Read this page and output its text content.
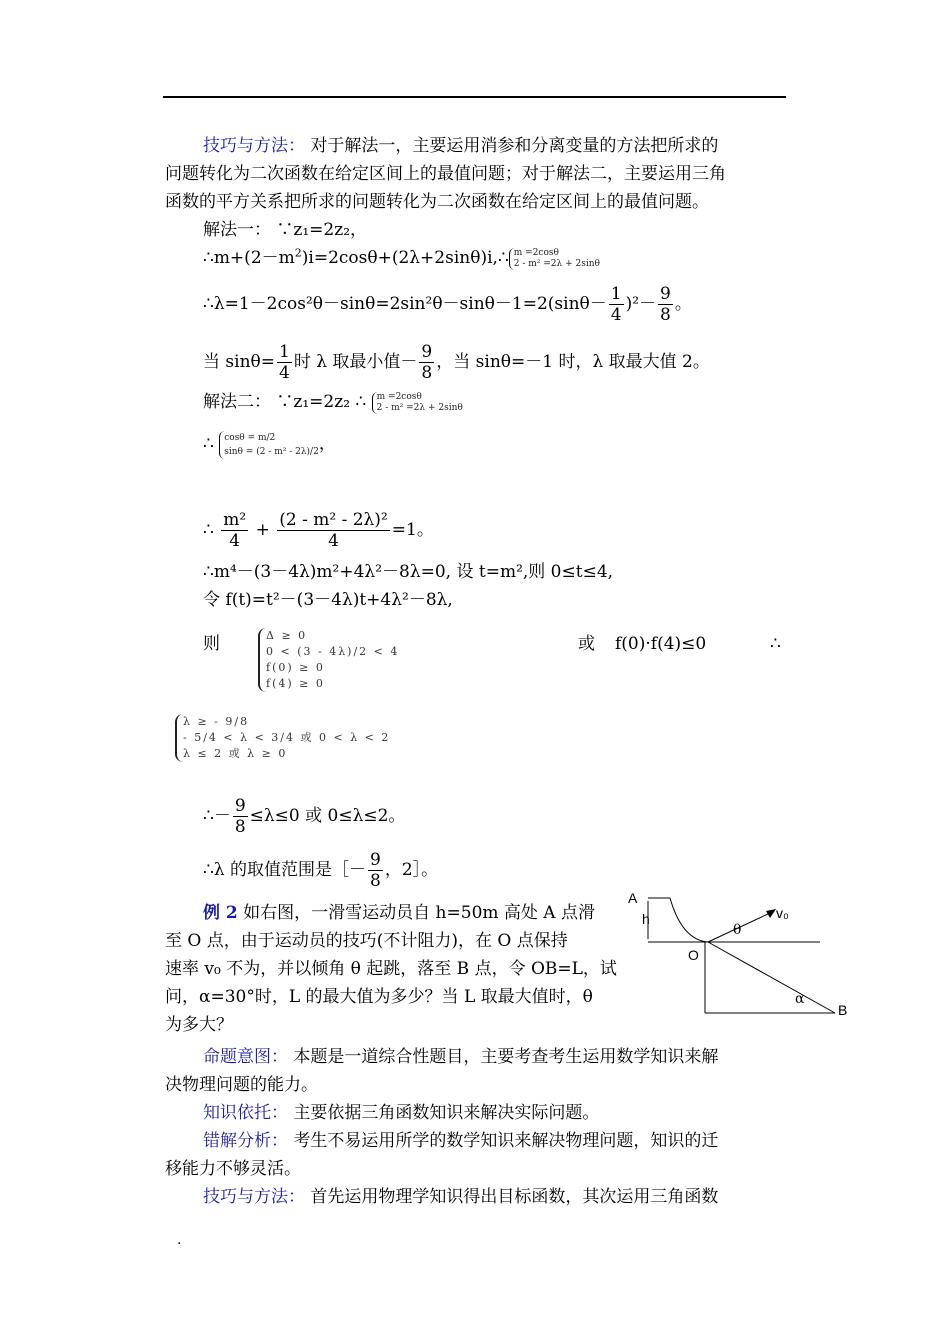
技巧与方法： 对于解法一，主要运用消参和分离变量的方法把所求的
问题转化为二次函数在给定区间上的最值问题；对于解法二，主要运用三角
函数的平方关系把所求的问题转化为二次函数在给定区间上的最值问题。
解法一： ∵z₁=2z₂，
$\therefore m+(2-m^2)i=2\cos\theta+(2\lambda+2\sin\theta)i,\therefore$ m =2cosθ
2 - m² =2λ + 2sinθ
∴λ=1－2cos²θ－sinθ=2sin²θ－sinθ－1=2(sinθ－ $\frac{1}{4} )^2- \frac{9}{8}$ 。
当 $\sin\theta= \frac{1}{4}$ 时 λ 取最小值－ $\frac{9}{8}$ ，当 sinθ=－1 时，λ 取最大值 2。
解法二： ∵z₁=2z₂ ∴ m =2cosθ
2 - m² =2λ + 2sinθ
∴ cosθ = m/2
sinθ = (2 - m² - 2λ)/2 ，
∴ $\frac{\text{m²}}{4} + \frac{\text{(2 - m² - 2λ)²}}{4} =1$。
∴m⁴－(3－4λ)m²+4λ²－8λ=0, 设 t=m²,则 0≤t≤4,
令 f(t)=t²－(3－4λ)t+4λ²－8λ,
则	Δ ≥ 0
0 < (3 - 4λ)/2 < 4
f(0) ≥ 0
f(4) ≥ 0
或 f(0)·f(4)≤0	∴
λ ≥ - 9/8
- 5/4 < λ < 3/4 或 0 < λ < 2
λ ≤ 2 或 λ ≥ 0
∴－ $\frac{9}{8} \le\lambda\le 0$ 或 0≤λ≤2。
∴λ 的取值范围是［－ $\frac{9}{8}$ ，2］。
例 2 如右图，一滑雪运动员自 h=50m 高处 A 点滑
至 O 点，由于运动员的技巧(不计阻力)，在 O 点保持
速率 v₀ 不为，并以倾角 θ 起跳，落至 B 点，令 OB=L，试
问，α=30°时，L 的最大值为多少？当 L 取最大值时，θ
为多大？
A
h
O
B
v₀
θ
α
命题意图： 本题是一道综合性题目，主要考查考生运用数学知识来解
决物理问题的能力。
知识依托： 主要依据三角函数知识来解决实际问题。
错解分析： 考生不易运用所学的数学知识来解决物理问题，知识的迁
移能力不够灵活。
技巧与方法： 首先运用物理学知识得出目标函数，其次运用三角函数
.
